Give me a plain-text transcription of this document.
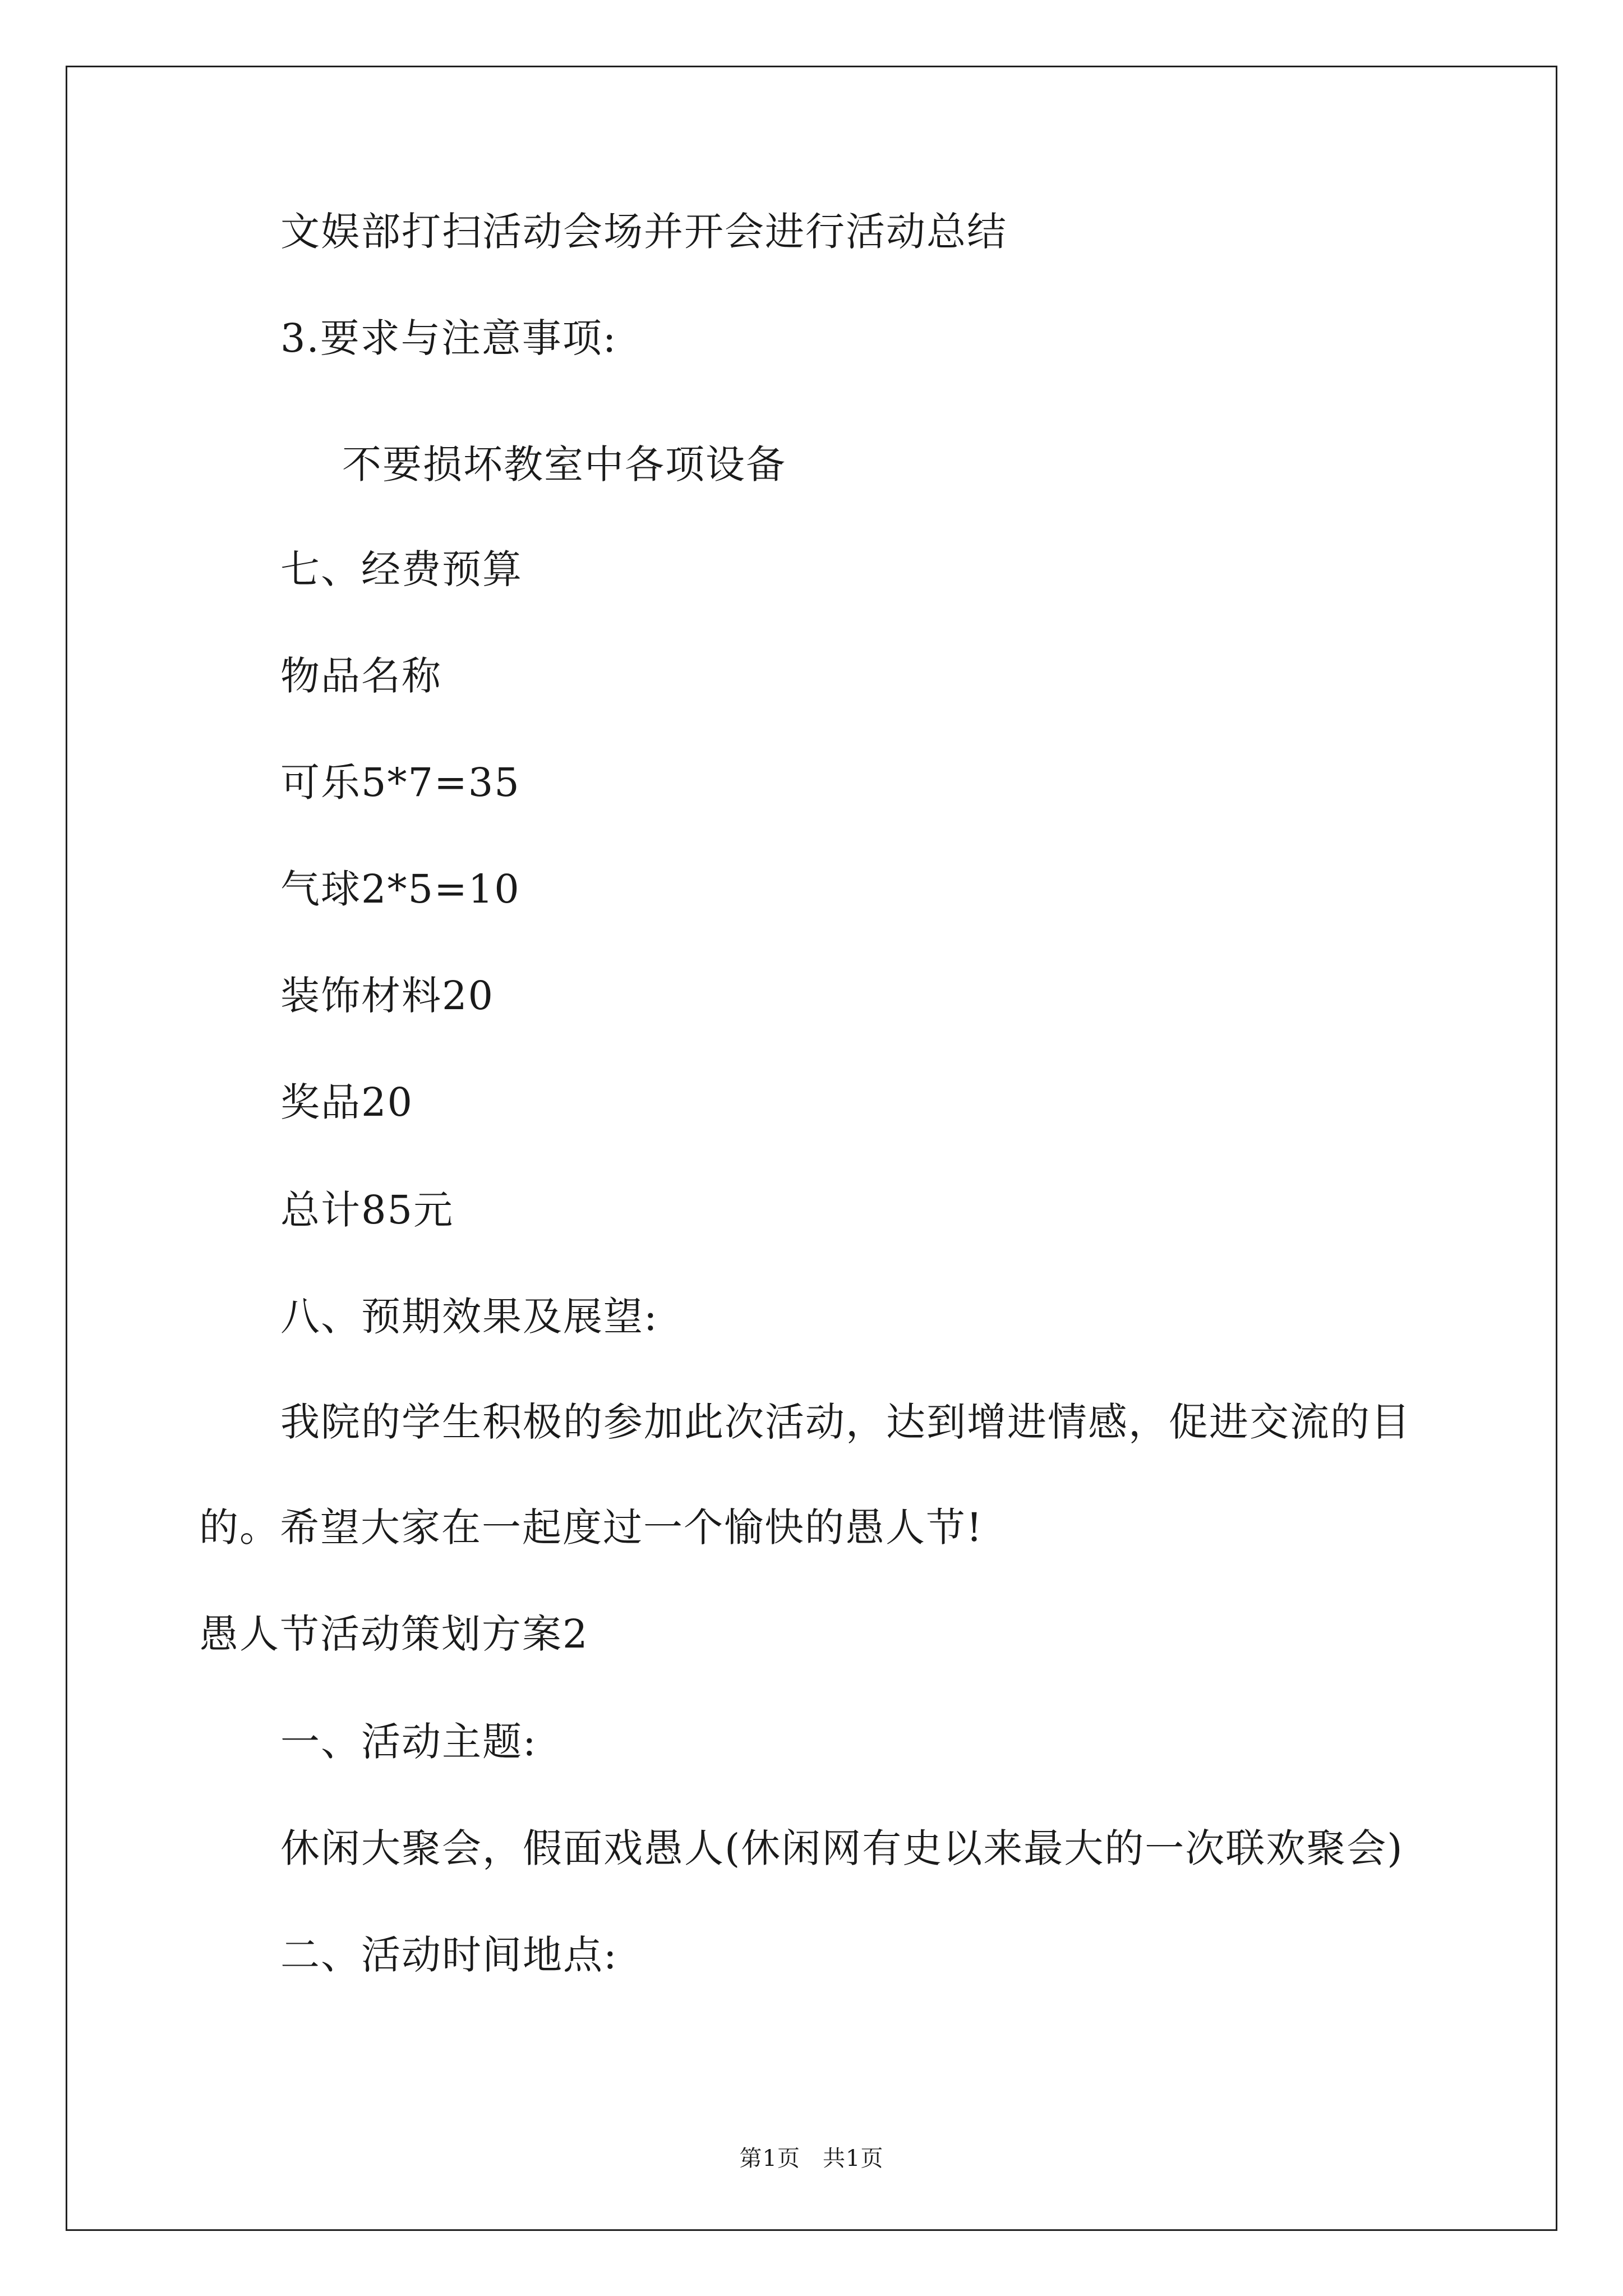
文娱部打扫活动会场并开会进行活动总结

3.要求与注意事项:

不要损坏教室中各项设备

七、经费预算

物品名称

可乐5*7=35

气球2*5=10

装饰材料20

奖品20

总计85元

八、预期效果及展望:

我院的学生积极的参加此次活动，达到增进情感，促进交流的目

的。希望大家在一起度过一个愉快的愚人节!

愚人节活动策划方案2

一、活动主题:

休闲大聚会，假面戏愚人(休闲网有史以来最大的一次联欢聚会)

二、活动时间地点:

第1页 共1页
